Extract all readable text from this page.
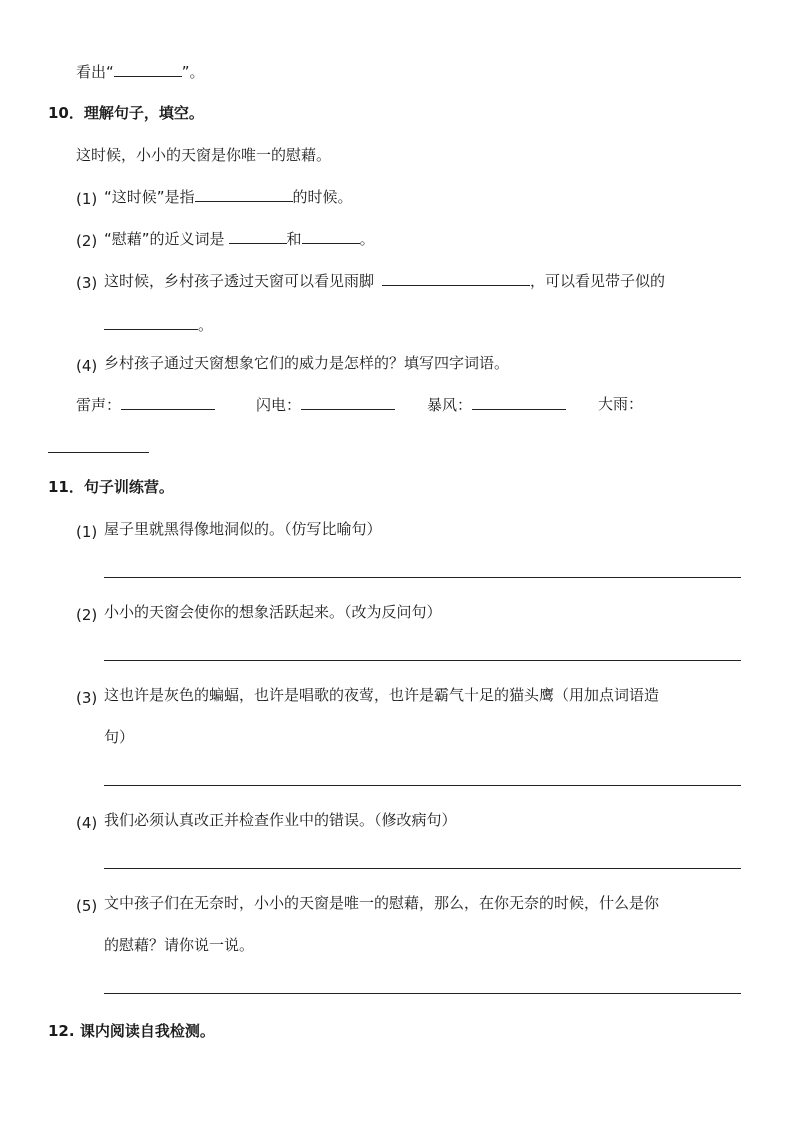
看出“	”。
10．理解句子，填空。
这时候，小小的天窗是你唯一的慰藉。
(1) “这时候”是指	的时候。
(2) “慰藉”的近义词是	和	。
(3) 这时候，乡村孩子透过天窗可以看见雨脚	，可以看见带子似的
。
(4) 乡村孩子通过天窗想象它们的威力是怎样的？填写四字词语。
雷声：	闪电：	暴风：	大雨：
11．句子训练营。
(1) 屋子里就黑得像地洞似的。（仿写比喻句）
(2) 小小的天窗会使你的想象活跃起来。（改为反问句）
(3) 这也许是灰色的蝙蝠，也许是唱歌的夜莺，也许是霸气十足的猫头鹰（用加点词语造
句）
(4) 我们必须认真改正并检查作业中的错误。（修改病句）
(5) 文中孩子们在无奈时，小小的天窗是唯一的慰藉，那么，在你无奈的时候，什么是你
的慰藉？请你说一说。
12. 课内阅读自我检测。
